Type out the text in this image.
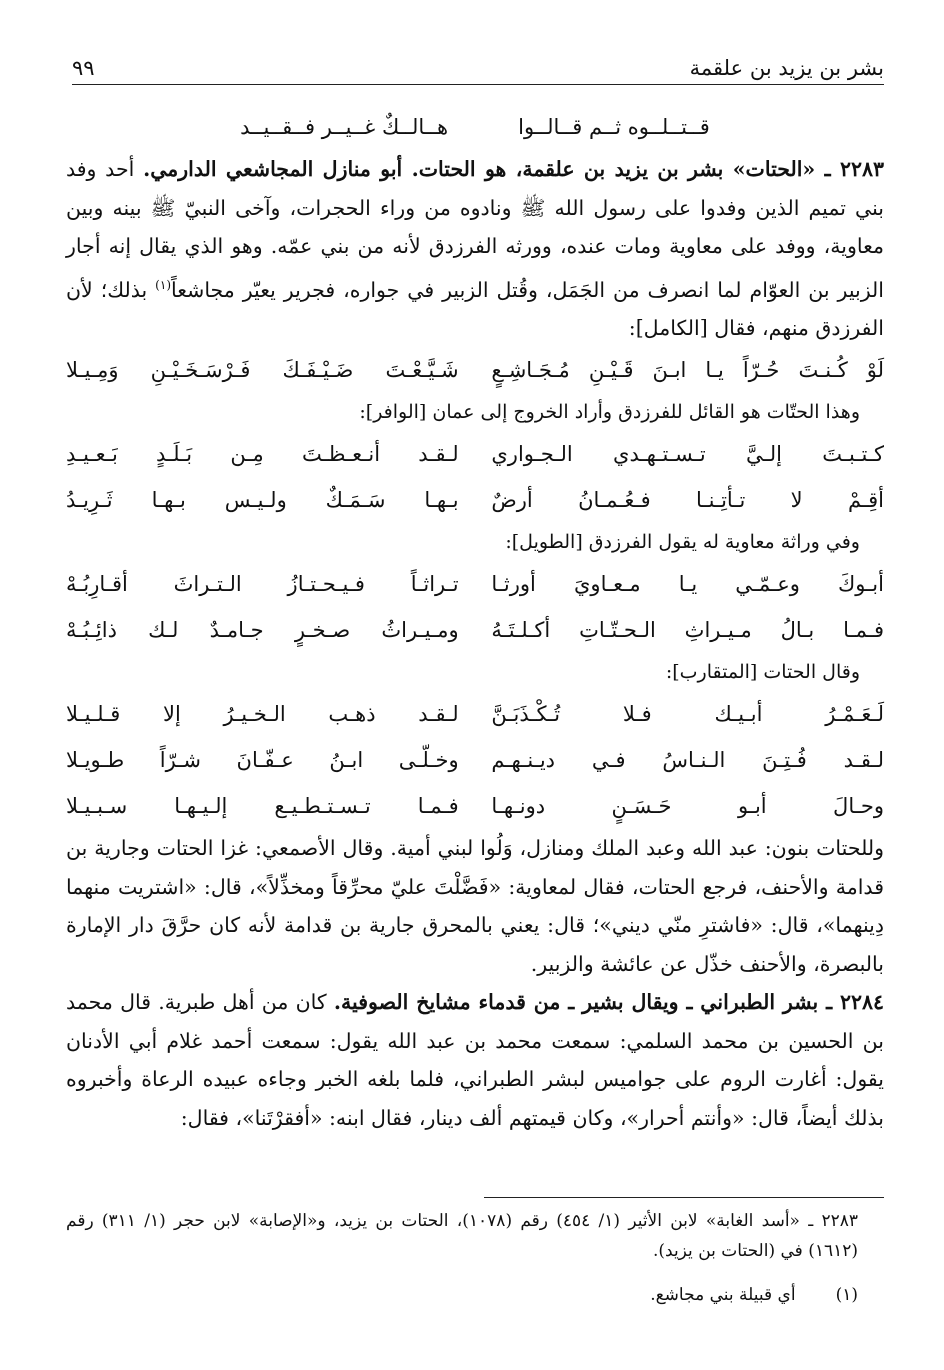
بشر بن يزيد بن علقمة
٩٩
قــتــلــوه ثــم قــالــوا
هــالــكٌ غــيــر فــقــيــد

٢٢٨٣ ـ «الحتات» بشر بن يزيد بن علقمة، هو الحتات. أبو منازل المجاشعي الدارمي. أحد وفد بني تميم الذين وفدوا على رسول الله ﷺ ونادوه من وراء الحجرات، وآخى النبيّ ﷺ بينه وبين معاوية، ووفد على معاوية ومات عنده، وورثه الفرزدق لأنه من بني عمّه. وهو الذي يقال إنه أجار الزبير بن العوّام لما انصرف من الجَمَل، وقُتل الزبير في جواره، فجرير يعيّر مجاشعاً$^{(١)}$ بذلك؛ لأن الفرزدق منهم، فقال [الكامل]:

لَوْ كُـنـتَ حُـرّاً يـا ابـنَ قَـيْـنِ مُـجَـاشِـعٍ
شَـيَّـعْـتَ ضَـيْـفَـكَ فَـرْسَـخَـيْـنِ وَمِـيـلا
وهذا الحتّات هو القائل للفرزدق وأراد الخروج إلى عمان [الوافر]:
كـتـبـتَ إلـيَّ تـسـتـهـدي الـجـواري
لـقـد أنـعـظـتَ مِـن بَـلَـدٍ بَـعـيـدِ
أقِـمْ لا تـأتِـنـا فـعُـمـانُ أرضٌ
بـهـا سَـمَـكٌ ولـيـس بـهـا ثَـرِيـدُ
وفي وراثة معاوية له يقول الفرزدق [الطويل]:
أبـوكَ وعـمّـي يـا مـعـاويَ أورثـا
تـراثـاً فـيـحـتـازُ الـتـراثَ أقـارِبُـهْ
فـمـا بـالُ مـيـراثِ الـحـتّـاتِ أكـلـتَـهُ
ومـيـراثُ صـخـرٍ جـامـدٌ لـك ذائِـبُـهْ
وقال الحتات [المتقارب]:
لَـعَـمْـرُ أبـيـك فـلا تُـكْـذَبَـنَّ
لـقـد ذهـب الـخـيـرُ إلا قـلـيـلا
لـقـد فُـتِـنَ الـنـاسُ فـي ديـنـهـم
وخـلّـى ابـنُ عـفّـانَ شـرّاً طـويـلا
وحـالَ أبـو حَـسَـنٍ دونـهـا
فـمـا تـسـتـطـيـع إلـيـهـا سـبـيـلا

وللحتات بنون: عبد الله وعبد الملك ومنازل، وَلُوا لبني أمية. وقال الأصمعي: غزا الحتات وجارية بن قدامة والأحنف، فرجع الحتات، فقال لمعاوية: «فَضَّلْتَ عليّ محرِّقاً ومخذِّلاً»، قال: «اشتريت منهما دِينهما»، قال: «فاشترِ منّي ديني»؛ قال: يعني بالمحرق جارية بن قدامة لأنه كان حرَّقَ دار الإمارة بالبصرة، والأحنف خذّل عن عائشة والزبير.

٢٢٨٤ ـ بشر الطبراني ـ ويقال بشير ـ من قدماء مشايخ الصوفية. كان من أهل طبرية. قال محمد بن الحسين بن محمد السلمي: سمعت محمد بن عبد الله يقول: سمعت أحمد غلام أبي الأدنان يقول: أغارت الروم على جواميس لبشر الطبراني، فلما بلغه الخبر وجاءه عبيده الرعاة وأخبروه بذلك أيضاً، قال: «وأنتم أحرار»، وكان قيمتهم ألف دينار، فقال ابنه: «أفقرْتَنا»، فقال:

٢٢٨٣ ـ «أسد الغابة» لابن الأثير (١/ ٤٥٤) رقم (١٠٧٨)، الحتات بن يزيد، و«الإصابة» لابن حجر (١/ ٣١١) رقم (١٦١٢) في (الحتات بن يزيد).
(١)
أي قبيلة بني مجاشع.
